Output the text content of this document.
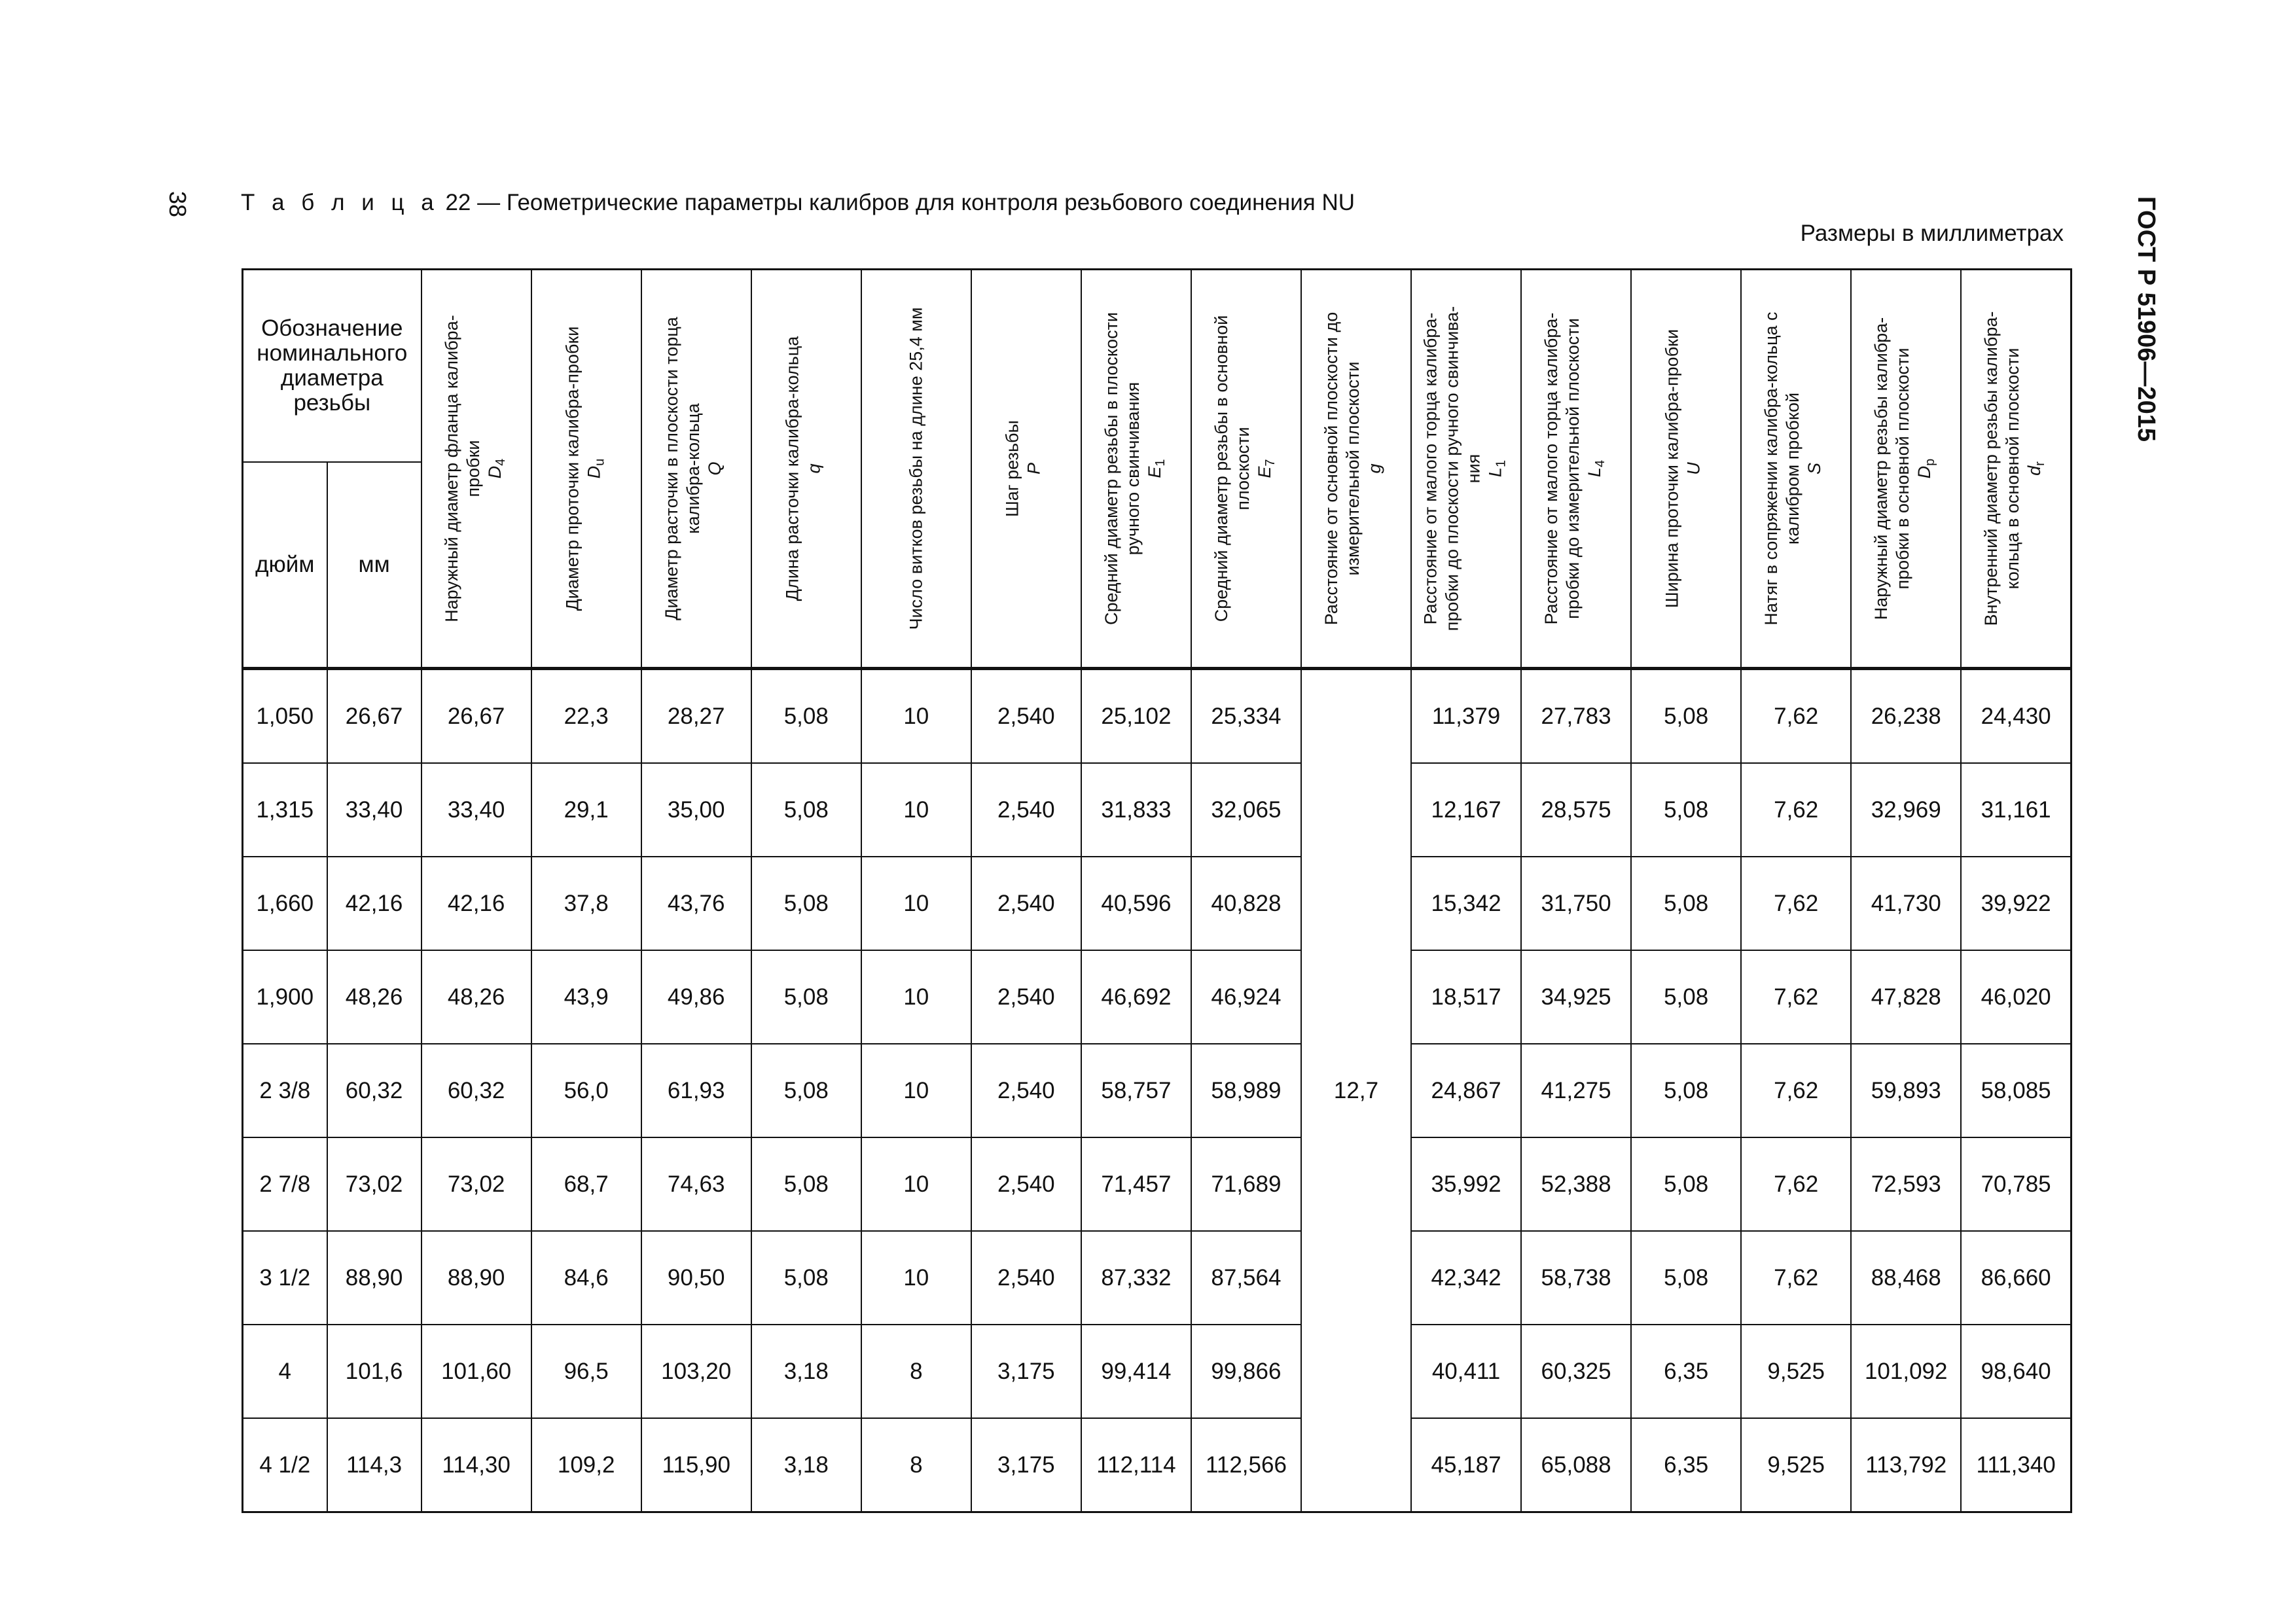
38 Т а б л и ц а 22 — Геометрические параметры калибров для контроля резьбового соединения NU
Размеры в миллиметрах	ГОСТ Р 51906—2015
Обозначение номинального диаметра резьбы		Наружный диаметр фланца калибра-пробки $D_4$	Диаметр проточки калибра-пробки $D_u$	Диаметр расточки в плоскости торца калибра-кольца Q	Длина расточки калибра-кольца q	Число витков резьбы на длине 25,4 мм	Шаг резьбы P	Средний диаметр резьбы в плоскости ручного свинчивания $E_1$	Средний диаметр резьбы в основной плоскости $E_7$	Расстояние от основной плоскости до измерительной плоскости g	Расстояние от малого торца калибра-пробки до плоскости ручного свинчива-ния $L_1$	Расстояние от малого торца калибра-пробки до измерительной плоскости $L_4$	Ширина проточки калибра-пробки U	Натяг в сопряжении калибра-кольца с калибром пробкой S	Наружный диаметр резьбы калибра-пробки в основной плоскости $D_p$	Внутренний диаметр резьбы калибра-кольца в основной плоскости $d_r$

дюйм	мм															
1,050	26,67	26,67	22,3	28,27	5,08	10	2,540	25,102	25,334	12,7	11,379	27,783	5,08	7,62	26,238	24,430
1,315	33,40	33,40	29,1	35,00	5,08	10	2,540	31,833	32,065		12,167	28,575	5,08	7,62	32,969	31,161
1,660	42,16	42,16	37,8	43,76	5,08	10	2,540	40,596	40,828		15,342	31,750	5,08	7,62	41,730	39,922
1,900	48,26	48,26	43,9	49,86	5,08	10	2,540	46,692	46,924		18,517	34,925	5,08	7,62	47,828	46,020
2 3/8	60,32	60,32	56,0	61,93	5,08	10	2,540	58,757	58,989		24,867	41,275	5,08	7,62	59,893	58,085
2 7/8	73,02	73,02	68,7	74,63	5,08	10	2,540	71,457	71,689		35,992	52,388	5,08	7,62	72,593	70,785
3 1/2	88,90	88,90	84,6	90,50	5,08	10	2,540	87,332	87,564		42,342	58,738	5,08	7,62	88,468	86,660
4	101,6	101,60	96,5	103,20	3,18	8	3,175	99,414	99,866		40,411	60,325	6,35	9,525	101,092	98,640
4 1/2	114,3	114,30	109,2	115,90	3,18	8	3,175	112,114	112,566		45,187	65,088	6,35	9,525	113,792	111,340
